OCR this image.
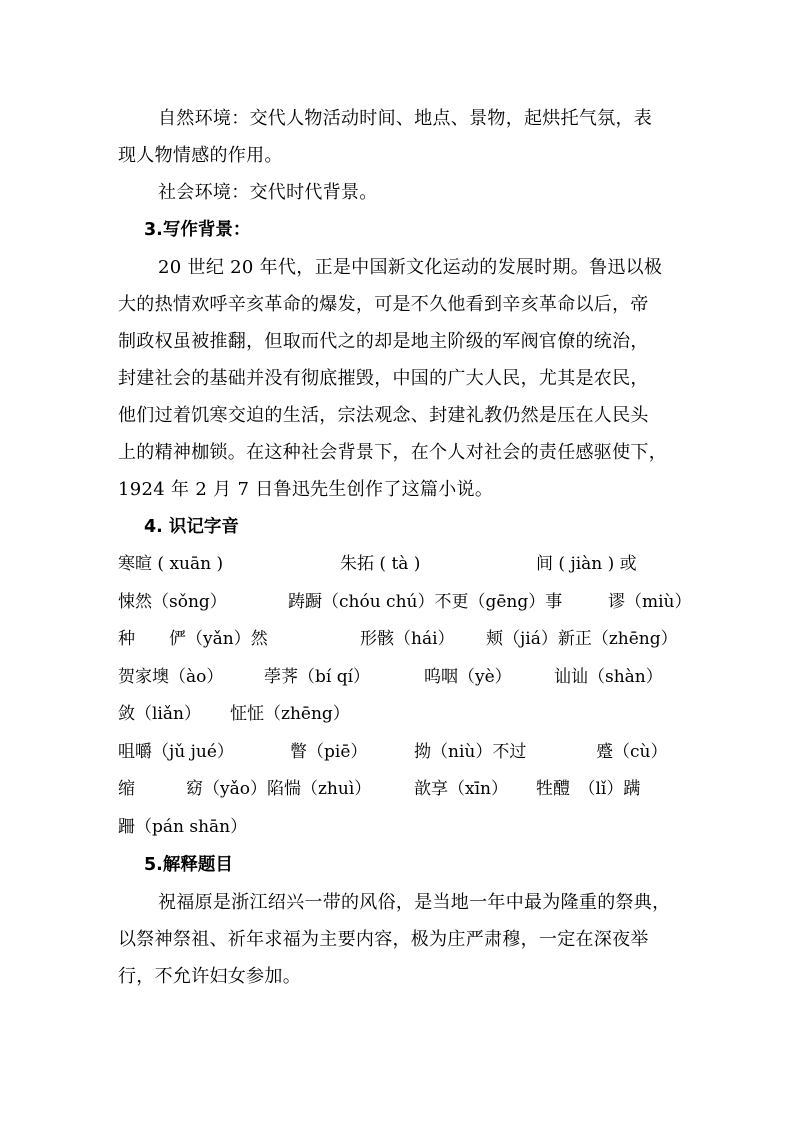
自然环境：交代人物活动时间、地点、景物，起烘托气氛，表

现人物情感的作用。

社会环境：交代时代背景。

3.写作背景：

20 世纪 20 年代，正是中国新文化运动的发展时期。鲁迅以极

大的热情欢呼辛亥革命的爆发，可是不久他看到辛亥革命以后，帝

制政权虽被推翻，但取而代之的却是地主阶级的军阀官僚的统治，

封建社会的基础并没有彻底摧毁，中国的广大人民，尤其是农民，

他们过着饥寒交迫的生活，宗法观念、封建礼教仍然是压在人民头

上的精神枷锁。在这种社会背景下，在个人对社会的责任感驱使下，

1924 年 2 月 7 日鲁迅先生创作了这篇小说。

4. 识记字音

寒暄 ( xuān )	朱拓 ( tà )	间 ( jiàn ) 或
悚然（sǒng）	踌蹰（chóu chú）不更（gēng）事	谬（miù）
种　　俨（yǎn）然	形骸（hái） 颊（jiá）新正（zhēng）
贺家墺（ào） 荸荠（bí qí）	呜咽（yè） 讪讪（shàn）
敛（liǎn） 怔怔（zhēng）
咀嚼（jǔ jué）	瞥（piē）	拗（niù）不过	蹙（cù）
缩　　　窈（yǎo）陷惴（zhuì）	歆享（xīn） 牲醴　（lǐ）蹒
跚（pán shān）

5.解释题目

祝福原是浙江绍兴一带的风俗，是当地一年中最为隆重的祭典，

以祭神祭祖、祈年求福为主要内容，极为庄严肃穆，一定在深夜举

行，不允许妇女参加。
